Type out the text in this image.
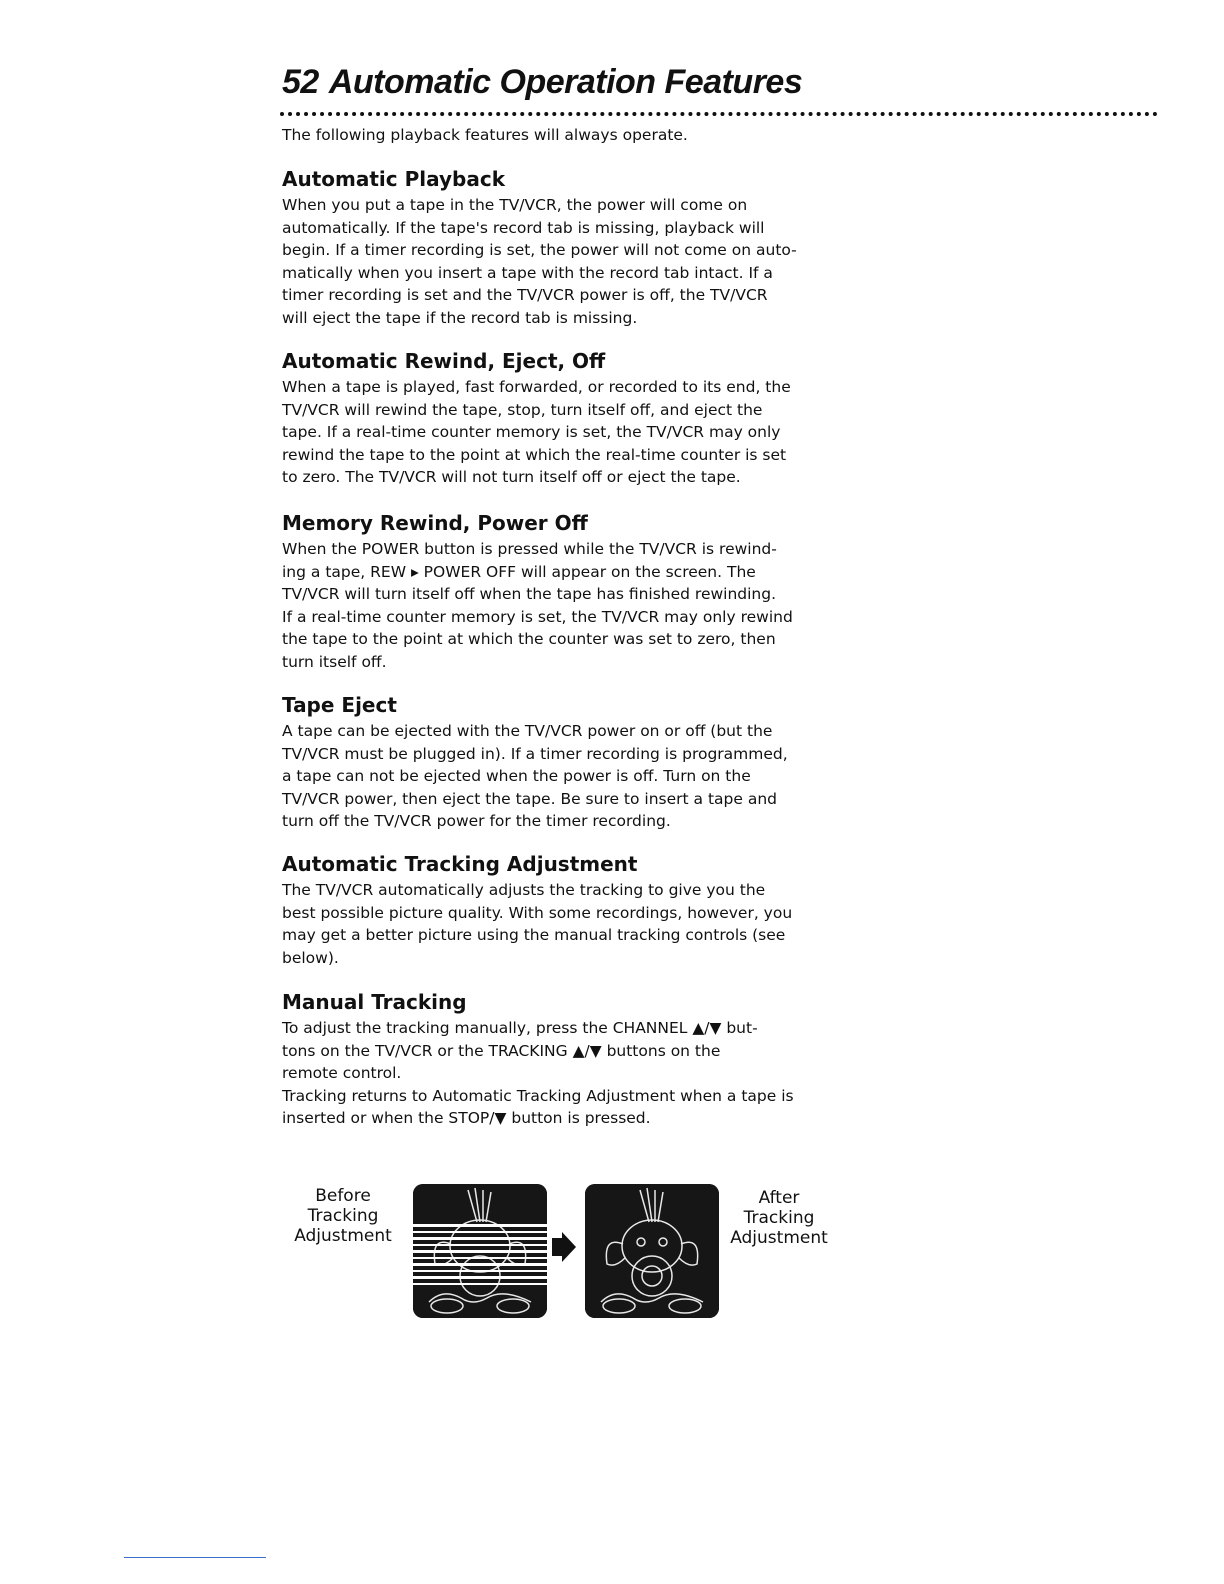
52 Automatic Operation Features

The following playback features will always operate.

Automatic Playback

When you put a tape in the TV/VCR, the power will come on
automatically. If the tape's record tab is missing, playback will
begin. If a timer recording is set, the power will not come on auto-
matically when you insert a tape with the record tab intact. If a
timer recording is set and the TV/VCR power is off, the TV/VCR
will eject the tape if the record tab is missing.

Automatic Rewind, Eject, Off

When a tape is played, fast forwarded, or recorded to its end, the
TV/VCR will rewind the tape, stop, turn itself off, and eject the
tape. If a real-time counter memory is set, the TV/VCR may only
rewind the tape to the point at which the real-time counter is set
to zero. The TV/VCR will not turn itself off or eject the tape.

Memory Rewind, Power Off

When the POWER button is pressed while the TV/VCR is rewind-
ing a tape, REW ▸ POWER OFF will appear on the screen. The
TV/VCR will turn itself off when the tape has finished rewinding.
If a real-time counter memory is set, the TV/VCR may only rewind
the tape to the point at which the counter was set to zero, then
turn itself off.

Tape Eject

A tape can be ejected with the TV/VCR power on or off (but the
TV/VCR must be plugged in). If a timer recording is programmed,
a tape can not be ejected when the power is off. Turn on the
TV/VCR power, then eject the tape. Be sure to insert a tape and
turn off the TV/VCR power for the timer recording.

Automatic Tracking Adjustment

The TV/VCR automatically adjusts the tracking to give you the
best possible picture quality. With some recordings, however, you
may get a better picture using the manual tracking controls (see
below).

Manual Tracking

To adjust the tracking manually, press the CHANNEL ▲/▼ but-
tons on the TV/VCR or the TRACKING ▲/▼ buttons on the
remote control.
Tracking returns to Automatic Tracking Adjustment when a tape is
inserted or when the STOP/▼ button is pressed.

Before
Tracking
Adjustment
After
Tracking
Adjustment
